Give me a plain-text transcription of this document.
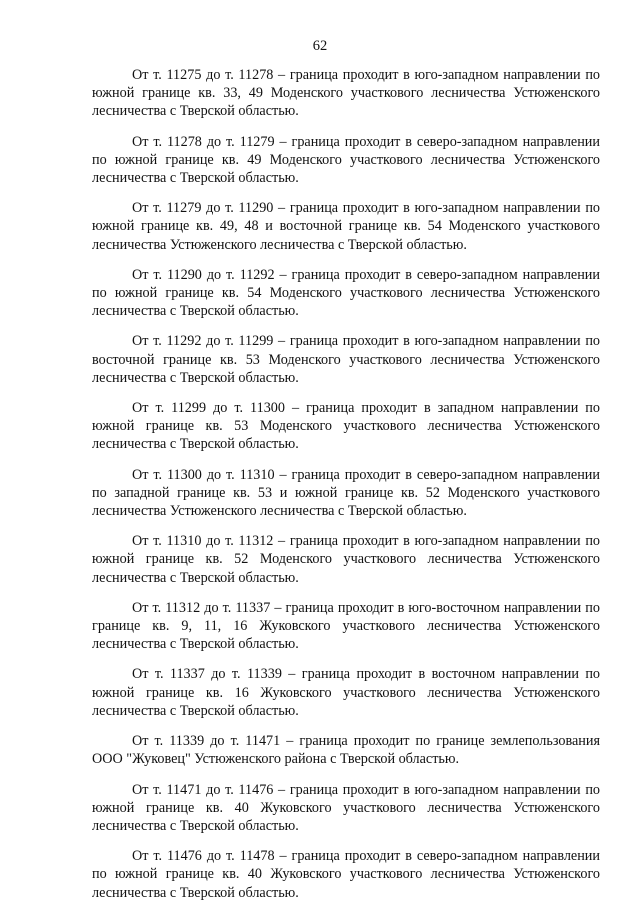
62

От т. 11275 до т. 11278 – граница проходит в юго-западном направлении по южной границе кв. 33, 49 Моденского участкового лесничества Устюженского лесничества с Тверской областью.

От т. 11278 до т. 11279 – граница проходит в северо-западном направлении по южной границе кв. 49 Моденского участкового лесничества Устюженского лесничества с Тверской областью.

От т. 11279 до т. 11290 – граница проходит в юго-западном направлении по южной границе кв. 49, 48 и восточной границе кв. 54 Моденского участкового лесничества Устюженского лесничества с Тверской областью.

От т. 11290 до т. 11292 – граница проходит в северо-западном направлении по южной границе кв. 54 Моденского участкового лесничества Устюженского лесничества с Тверской областью.

От т. 11292 до т. 11299 – граница проходит в юго-западном направлении по восточной границе кв. 53 Моденского участкового лесничества Устюженского лесничества с Тверской областью.

От т. 11299 до т. 11300 – граница проходит в западном направлении по южной границе кв. 53 Моденского участкового лесничества Устюженского лесничества с Тверской областью.

От т. 11300 до т. 11310 – граница проходит в северо-западном направлении по западной границе кв. 53 и южной границе кв. 52 Моденского участкового лесничества Устюженского лесничества с Тверской областью.

От т. 11310 до т. 11312 – граница проходит в юго-западном направлении по южной границе кв. 52 Моденского участкового лесничества Устюженского лесничества с Тверской областью.

От т. 11312 до т. 11337 – граница проходит в юго-восточном направлении по границе кв. 9, 11, 16 Жуковского участкового лесничества Устюженского лесничества с Тверской областью.

От т. 11337 до т. 11339 – граница проходит в восточном направлении по южной границе кв. 16 Жуковского участкового лесничества Устюженского лесничества с Тверской областью.

От т. 11339 до т. 11471 – граница проходит по границе землепользования ООО "Жуковец" Устюженского района с Тверской областью.

От т. 11471 до т. 11476 – граница проходит в юго-западном направлении по южной границе кв. 40 Жуковского участкового лесничества Устюженского лесничества с Тверской областью.

От т. 11476 до т. 11478 – граница проходит в северо-западном направлении по южной границе кв. 40 Жуковского участкового лесничества Устюженского лесничества с Тверской областью.
